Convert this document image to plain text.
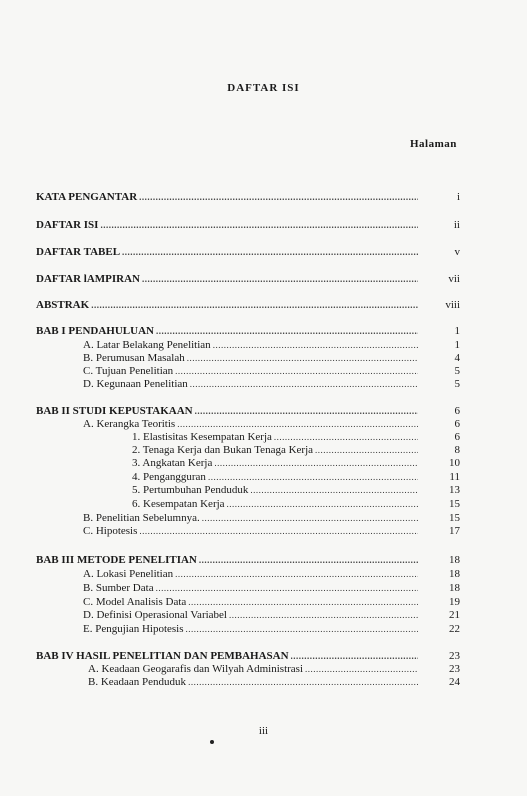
DAFTAR ISI
Halaman
KATA PENGANTAR .....	i
DAFTAR ISI .....	ii
DAFTAR TABEL .....	v
DAFTAR lAMPIRAN .....	vii
ABSTRAK .....	viii
BAB I PENDAHULUAN .....	1
A. Latar Belakang Penelitian .....	1
B. Perumusan Masalah .....	4
C. Tujuan Penelitian .....	5
D. Kegunaan Penelitian .....	5
BAB II STUDI KEPUSTAKAAN .....	6
A. Kerangka Teoritis .....	6
1. Elastisitas Kesempatan Kerja .....	6
2. Tenaga Kerja dan Bukan Tenaga Kerja .....	8
3. Angkatan Kerja .....	10
4. Pengangguran .....	11
5. Pertumbuhan Penduduk .....	13
6. Kesempatan Kerja .....	15
B. Penelitian Sebelumnya. .....	15
C. Hipotesis .....	17
BAB III METODE PENELITIAN .....	18
A. Lokasi Penelitian .....	18
B. Sumber Data .....	18
C. Model Analisis Data .....	19
D. Definisi Operasional Variabel .....	21
E. Pengujian Hipotesis .....	22
BAB IV HASIL PENELITIAN DAN PEMBAHASAN .....	23
A. Keadaan Geogarafis dan Wilyah Administrasi .....	23
B. Keadaan Penduduk .....	24
iii
